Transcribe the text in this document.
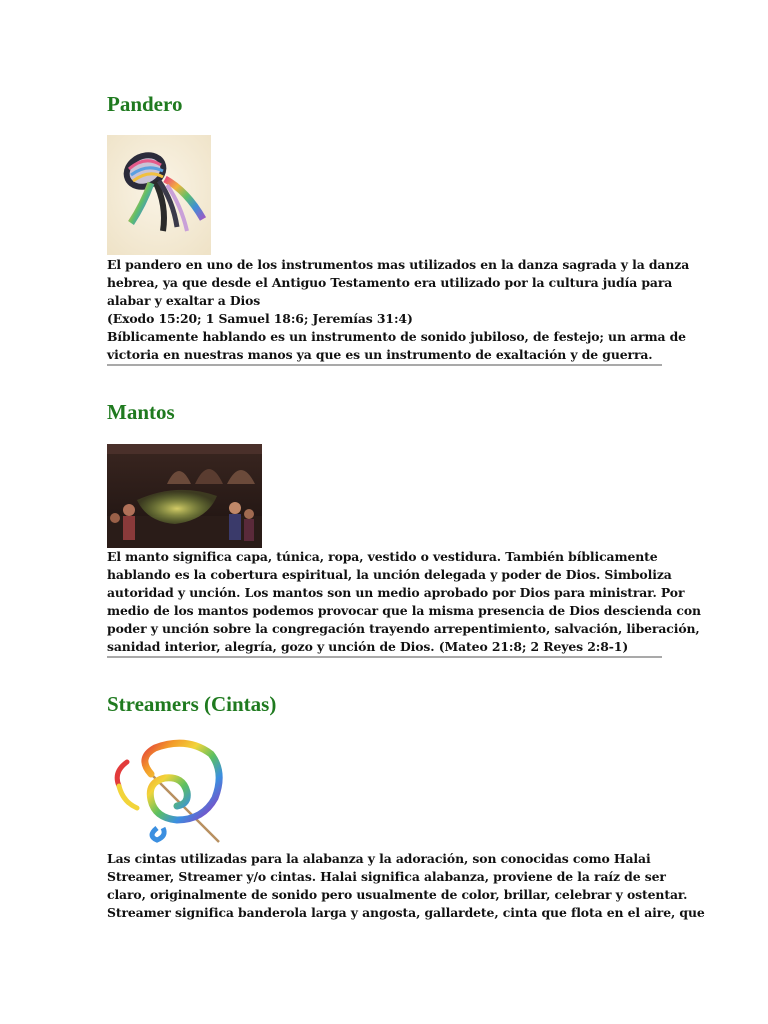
Pandero
El pandero en uno de los instrumentos mas utilizados en la danza sagrada y la danza
hebrea, ya que desde el Antiguo Testamento era utilizado por la cultura judía para
alabar y exaltar a Dios
(Exodo 15:20; 1 Samuel 18:6; Jeremías 31:4)
Bíblicamente hablando es un instrumento de sonido jubiloso, de festejo; un arma de
victoria en nuestras manos ya que es un instrumento de exaltación y de guerra.
Mantos
El manto significa capa, túnica, ropa, vestido o vestidura. También bíblicamente
hablando es la cobertura espiritual, la unción delegada y poder de Dios. Simboliza
autoridad y unción. Los mantos son un medio aprobado por Dios para ministrar. Por
medio de los mantos podemos provocar que la misma presencia de Dios descienda con
poder y unción sobre la congregación trayendo arrepentimiento, salvación, liberación,
sanidad interior, alegría, gozo y unción de Dios. (Mateo 21:8; 2 Reyes 2:8-1)
Streamers (Cintas)
Las cintas utilizadas para la alabanza y la adoración, son conocidas como Halai
Streamer, Streamer y/o cintas. Halai significa alabanza, proviene de la raíz de ser
claro, originalmente de sonido pero usualmente de color, brillar, celebrar y ostentar.
Streamer significa banderola larga y angosta, gallardete, cinta que flota en el aire, que
